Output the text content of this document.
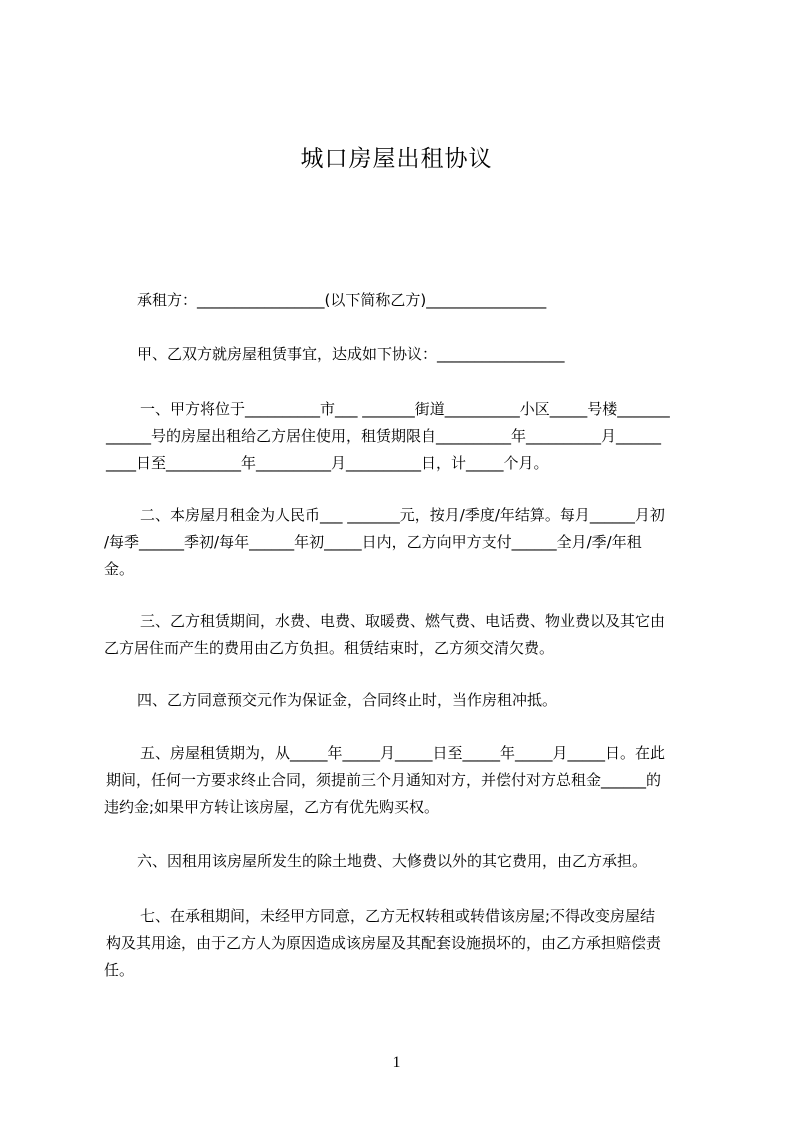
城口房屋出租协议
承租方：_________________(以下简称乙方)________________
甲、乙双方就房屋租赁事宜，达成如下协议：_________________
一、甲方将位于__________市___ _______街道__________小区_____号楼_______
______号的房屋出租给乙方居住使用，租赁期限自__________年__________月______
____日至__________年__________月__________日，计_____个月。
二、本房屋月租金为人民币___ _______元，按月/季度/年结算。每月______月初
/每季______季初/每年______年初_____日内，乙方向甲方支付______全月/季/年租
金。
三、乙方租赁期间，水费、电费、取暖费、燃气费、电话费、物业费以及其它由
乙方居住而产生的费用由乙方负担。租赁结束时，乙方须交清欠费。
四、乙方同意预交元作为保证金，合同终止时，当作房租冲抵。
五、房屋租赁期为，从_____年_____月_____日至_____年_____月_____日。在此
期间，任何一方要求终止合同，须提前三个月通知对方，并偿付对方总租金______的
违约金;如果甲方转让该房屋，乙方有优先购买权。
六、因租用该房屋所发生的除土地费、大修费以外的其它费用，由乙方承担。
七、在承租期间，未经甲方同意，乙方无权转租或转借该房屋;不得改变房屋结
构及其用途，由于乙方人为原因造成该房屋及其配套设施损坏的，由乙方承担赔偿责
任。
1
